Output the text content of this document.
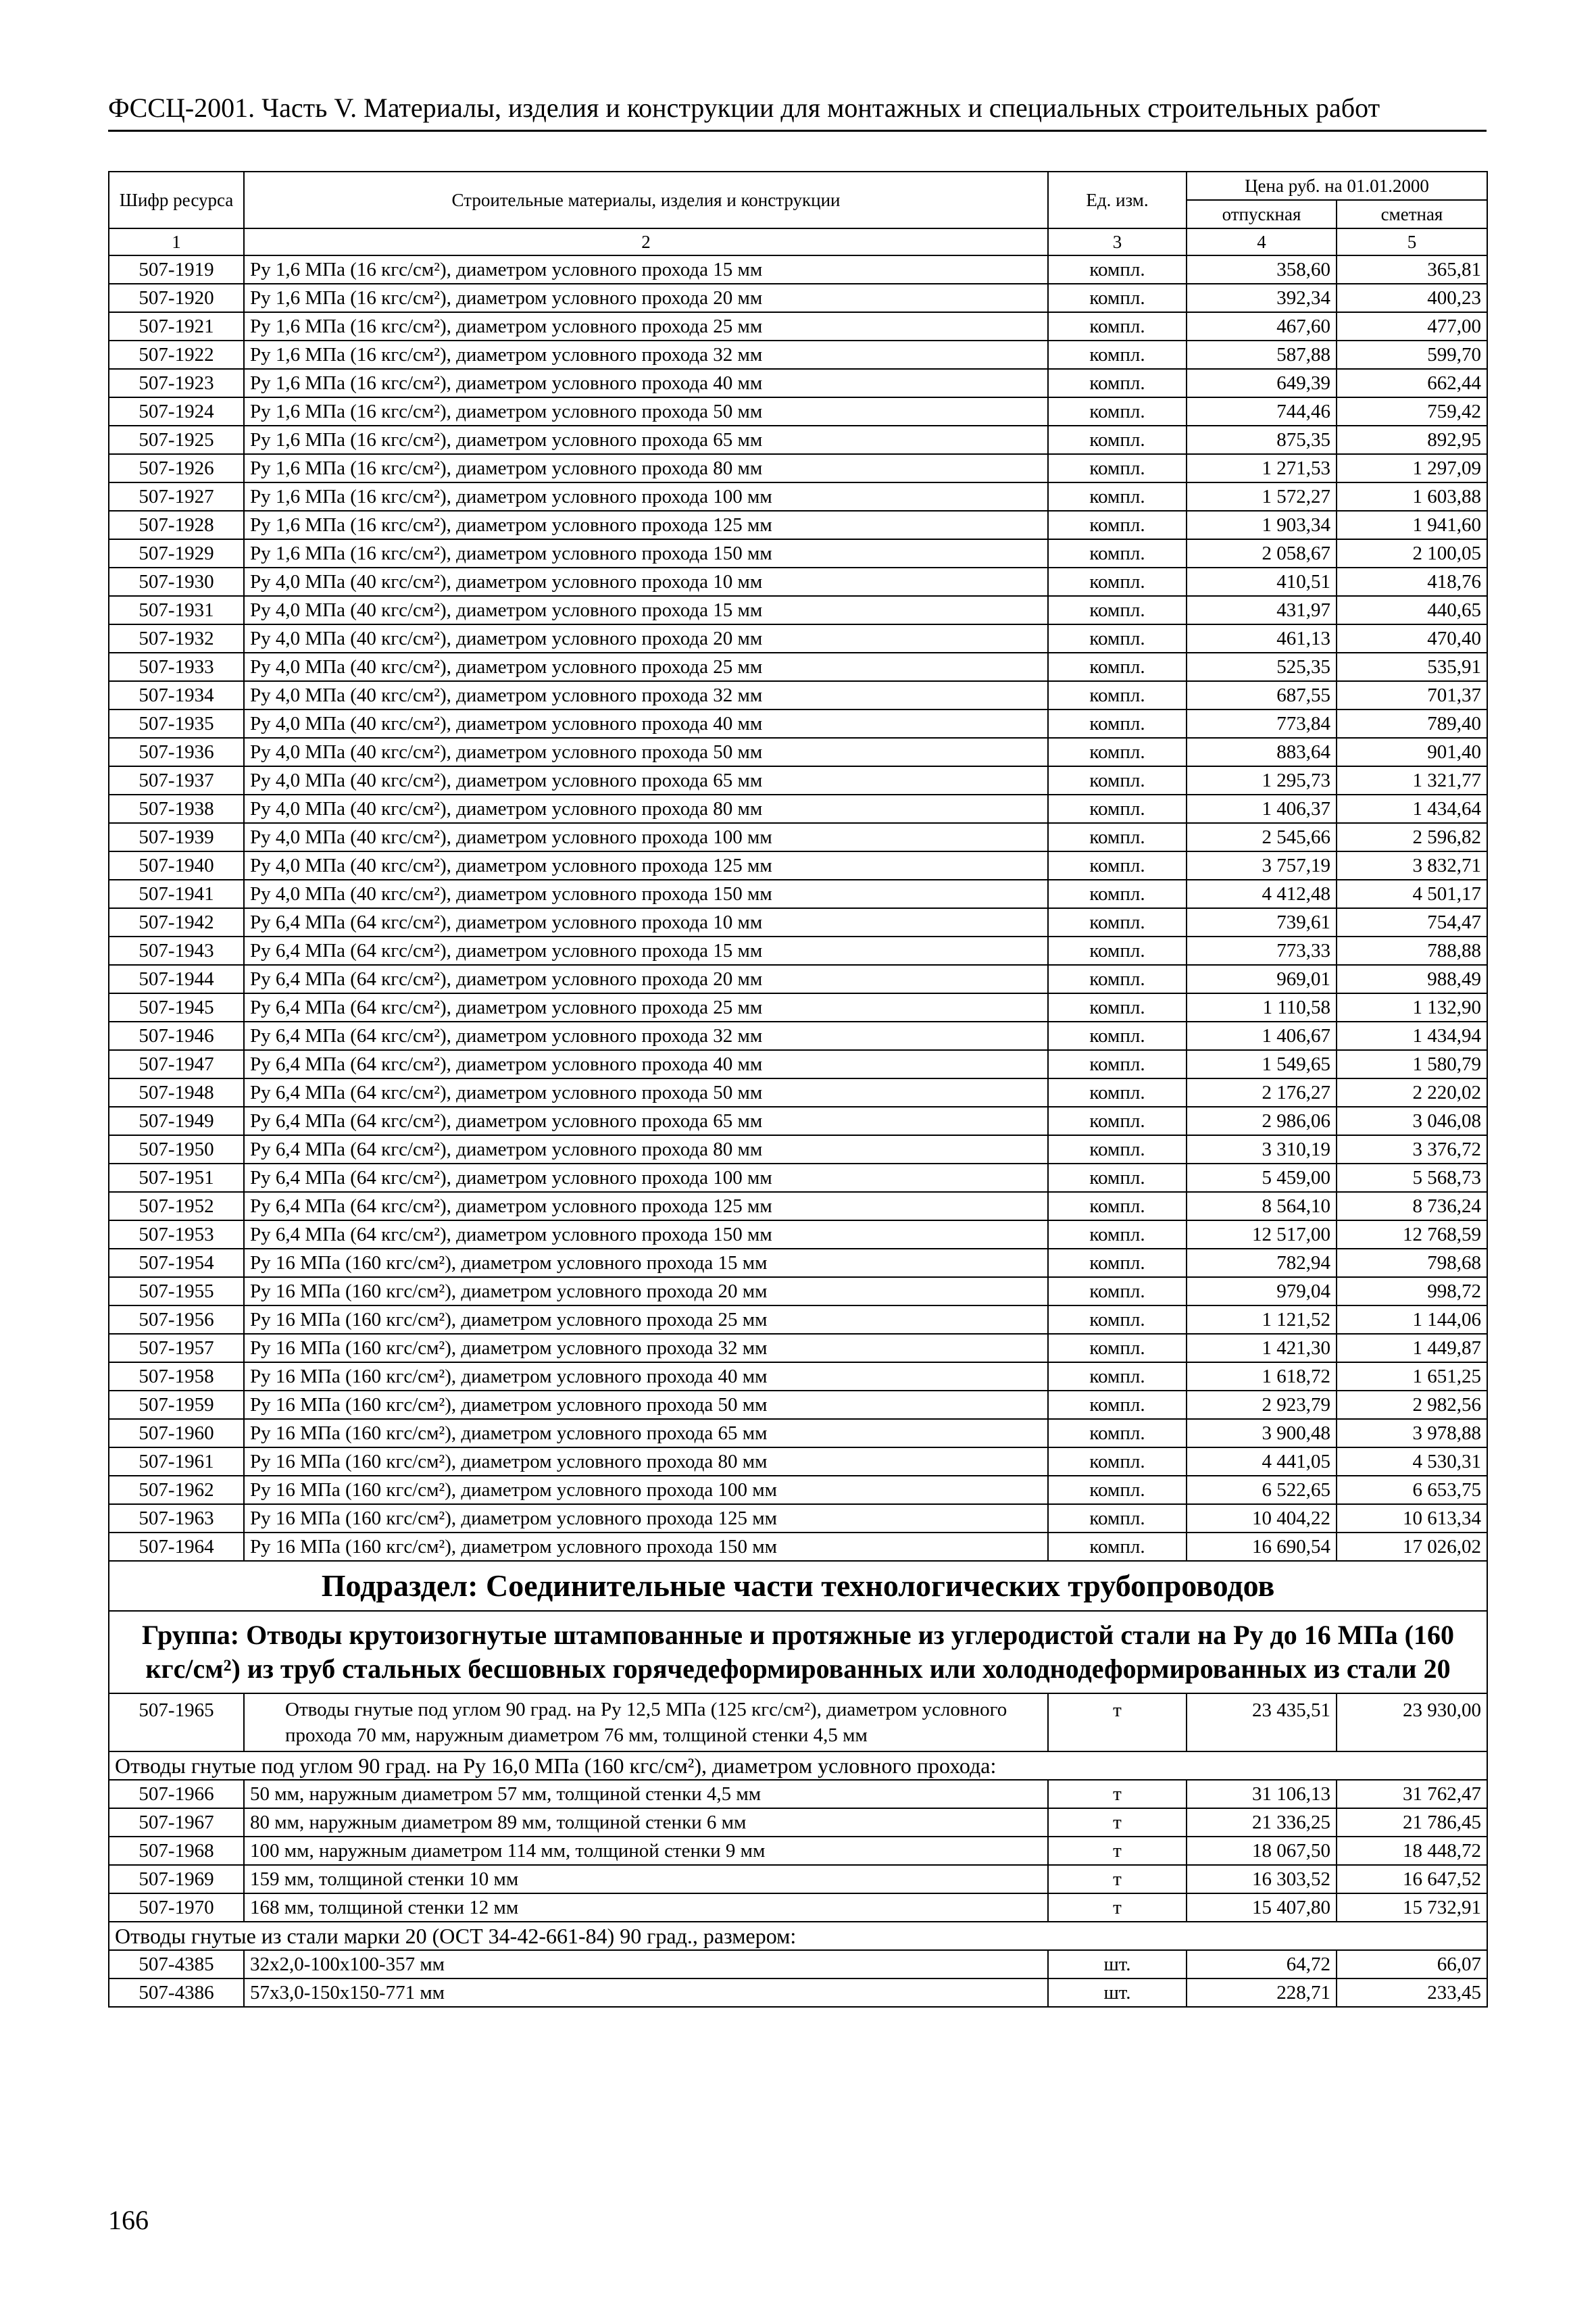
ФССЦ-2001. Часть V. Материалы, изделия и конструкции для монтажных и специальных строительных работ
Шифр ресурса	Строительные материалы, изделия и конструкции	Ед. изм.	Цена руб. на 01.01.2000	
			отпускная	сметная
1	2	3	4	5
507-1919	Ру 1,6 МПа (16 кгс/см²), диаметром условного прохода 15 мм	компл.	358,60	365,81
507-1920	Ру 1,6 МПа (16 кгс/см²), диаметром условного прохода 20 мм	компл.	392,34	400,23
507-1921	Ру 1,6 МПа (16 кгс/см²), диаметром условного прохода 25 мм	компл.	467,60	477,00
507-1922	Ру 1,6 МПа (16 кгс/см²), диаметром условного прохода 32 мм	компл.	587,88	599,70
507-1923	Ру 1,6 МПа (16 кгс/см²), диаметром условного прохода 40 мм	компл.	649,39	662,44
507-1924	Ру 1,6 МПа (16 кгс/см²), диаметром условного прохода 50 мм	компл.	744,46	759,42
507-1925	Ру 1,6 МПа (16 кгс/см²), диаметром условного прохода 65 мм	компл.	875,35	892,95
507-1926	Ру 1,6 МПа (16 кгс/см²), диаметром условного прохода 80 мм	компл.	1 271,53	1 297,09
507-1927	Ру 1,6 МПа (16 кгс/см²), диаметром условного прохода 100 мм	компл.	1 572,27	1 603,88
507-1928	Ру 1,6 МПа (16 кгс/см²), диаметром условного прохода 125 мм	компл.	1 903,34	1 941,60
507-1929	Ру 1,6 МПа (16 кгс/см²), диаметром условного прохода 150 мм	компл.	2 058,67	2 100,05
507-1930	Ру 4,0 МПа (40 кгс/см²), диаметром условного прохода 10 мм	компл.	410,51	418,76
507-1931	Ру 4,0 МПа (40 кгс/см²), диаметром условного прохода 15 мм	компл.	431,97	440,65
507-1932	Ру 4,0 МПа (40 кгс/см²), диаметром условного прохода 20 мм	компл.	461,13	470,40
507-1933	Ру 4,0 МПа (40 кгс/см²), диаметром условного прохода 25 мм	компл.	525,35	535,91
507-1934	Ру 4,0 МПа (40 кгс/см²), диаметром условного прохода 32 мм	компл.	687,55	701,37
507-1935	Ру 4,0 МПа (40 кгс/см²), диаметром условного прохода 40 мм	компл.	773,84	789,40
507-1936	Ру 4,0 МПа (40 кгс/см²), диаметром условного прохода 50 мм	компл.	883,64	901,40
507-1937	Ру 4,0 МПа (40 кгс/см²), диаметром условного прохода 65 мм	компл.	1 295,73	1 321,77
507-1938	Ру 4,0 МПа (40 кгс/см²), диаметром условного прохода 80 мм	компл.	1 406,37	1 434,64
507-1939	Ру 4,0 МПа (40 кгс/см²), диаметром условного прохода 100 мм	компл.	2 545,66	2 596,82
507-1940	Ру 4,0 МПа (40 кгс/см²), диаметром условного прохода 125 мм	компл.	3 757,19	3 832,71
507-1941	Ру 4,0 МПа (40 кгс/см²), диаметром условного прохода 150 мм	компл.	4 412,48	4 501,17
507-1942	Ру 6,4 МПа (64 кгс/см²), диаметром условного прохода 10 мм	компл.	739,61	754,47
507-1943	Ру 6,4 МПа (64 кгс/см²), диаметром условного прохода 15 мм	компл.	773,33	788,88
507-1944	Ру 6,4 МПа (64 кгс/см²), диаметром условного прохода 20 мм	компл.	969,01	988,49
507-1945	Ру 6,4 МПа (64 кгс/см²), диаметром условного прохода 25 мм	компл.	1 110,58	1 132,90
507-1946	Ру 6,4 МПа (64 кгс/см²), диаметром условного прохода 32 мм	компл.	1 406,67	1 434,94
507-1947	Ру 6,4 МПа (64 кгс/см²), диаметром условного прохода 40 мм	компл.	1 549,65	1 580,79
507-1948	Ру 6,4 МПа (64 кгс/см²), диаметром условного прохода 50 мм	компл.	2 176,27	2 220,02
507-1949	Ру 6,4 МПа (64 кгс/см²), диаметром условного прохода 65 мм	компл.	2 986,06	3 046,08
507-1950	Ру 6,4 МПа (64 кгс/см²), диаметром условного прохода 80 мм	компл.	3 310,19	3 376,72
507-1951	Ру 6,4 МПа (64 кгс/см²), диаметром условного прохода 100 мм	компл.	5 459,00	5 568,73
507-1952	Ру 6,4 МПа (64 кгс/см²), диаметром условного прохода 125 мм	компл.	8 564,10	8 736,24
507-1953	Ру 6,4 МПа (64 кгс/см²), диаметром условного прохода 150 мм	компл.	12 517,00	12 768,59
507-1954	Ру 16 МПа (160 кгс/см²), диаметром условного прохода 15 мм	компл.	782,94	798,68
507-1955	Ру 16 МПа (160 кгс/см²), диаметром условного прохода 20 мм	компл.	979,04	998,72
507-1956	Ру 16 МПа (160 кгс/см²), диаметром условного прохода 25 мм	компл.	1 121,52	1 144,06
507-1957	Ру 16 МПа (160 кгс/см²), диаметром условного прохода 32 мм	компл.	1 421,30	1 449,87
507-1958	Ру 16 МПа (160 кгс/см²), диаметром условного прохода 40 мм	компл.	1 618,72	1 651,25
507-1959	Ру 16 МПа (160 кгс/см²), диаметром условного прохода 50 мм	компл.	2 923,79	2 982,56
507-1960	Ру 16 МПа (160 кгс/см²), диаметром условного прохода 65 мм	компл.	3 900,48	3 978,88
507-1961	Ру 16 МПа (160 кгс/см²), диаметром условного прохода 80 мм	компл.	4 441,05	4 530,31
507-1962	Ру 16 МПа (160 кгс/см²), диаметром условного прохода 100 мм	компл.	6 522,65	6 653,75
507-1963	Ру 16 МПа (160 кгс/см²), диаметром условного прохода 125 мм	компл.	10 404,22	10 613,34
507-1964	Ру 16 МПа (160 кгс/см²), диаметром условного прохода 150 мм	компл.	16 690,54	17 026,02
Подраздел: Соединительные части технологических трубопроводов				
Группа: Отводы крутоизогнутые штампованные и протяжные из углеродистой стали на Ру до 16 МПа (160 кгс/см²) из труб стальных бесшовных горячедеформированных или холоднодеформированных из стали 20				
507-1965	Отводы гнутые под углом 90 град. на Ру 12,5 МПа (125 кгс/см²), диаметром условного прохода 70 мм, наружным диаметром 76 мм, толщиной стенки 4,5 мм	т	23 435,51	23 930,00
Отводы гнутые под углом 90 град. на Ру 16,0 МПа (160 кгс/см²), диаметром условного прохода:				
507-1966	50 мм, наружным диаметром 57 мм, толщиной стенки 4,5 мм	т	31 106,13	31 762,47
507-1967	80 мм, наружным диаметром 89 мм, толщиной стенки 6 мм	т	21 336,25	21 786,45
507-1968	100 мм, наружным диаметром 114 мм, толщиной стенки 9 мм	т	18 067,50	18 448,72
507-1969	159 мм, толщиной стенки 10 мм	т	16 303,52	16 647,52
507-1970	168 мм, толщиной стенки 12 мм	т	15 407,80	15 732,91
Отводы гнутые из стали марки 20 (ОСТ 34-42-661-84) 90 град., размером:				
507-4385	32х2,0-100х100-357 мм	шт.	64,72	66,07
507-4386	57х3,0-150х150-771 мм	шт.	228,71	233,45
166
